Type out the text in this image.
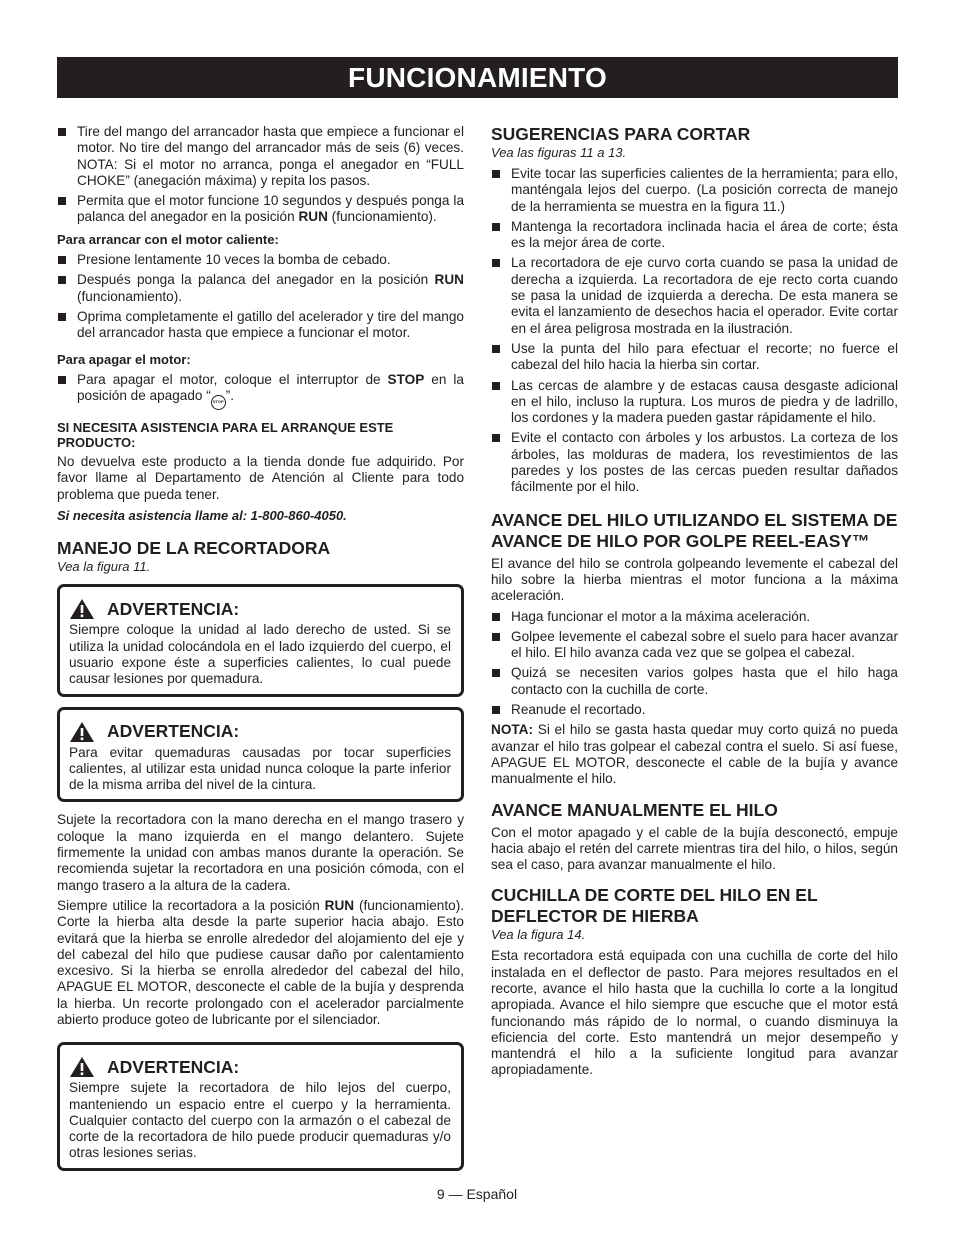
FUNCIONAMIENTO
Tire del mango del arrancador hasta que empiece a funcionar el motor. No tire del mango del arrancador más de seis (6) veces. NOTA: Si el motor no arranca, ponga el anegador en “FULL CHOKE” (anegación máxima) y repita los pasos.
Permita que el motor funcione 10 segundos y después ponga la palanca del anegador en la posición RUN (funcionamiento).
Para arrancar con el motor caliente:
Presione lentamente 10 veces la bomba de cebado.
Después ponga la palanca del anegador en la posición RUN (funcionamiento).
Oprima completamente el gatillo del acelerador y tire del mango del arrancador hasta que empiece a funcionar el motor.
Para apagar el motor:
Para apagar el motor, coloque el interruptor de STOP en la posición de apagado “ STOP ”.
SI NECESITA ASISTENCIA PARA EL ARRANQUE ESTE PRODUCTO:

No devuelva este producto a la tienda donde fue adquirido. Por favor llame al Departamento de Atención al Cliente para todo problema que pueda tener.

Si necesita asistencia llame al: 1-800-860-4050.
MANEJO DE LA RECORTADORA
Vea la figura 11.
ADVERTENCIA:

Siempre coloque la unidad al lado derecho de usted. Si se utiliza la unidad colocándola en el lado izquierdo del cuerpo, el usuario expone éste a superficies calientes, lo cual puede causar lesiones por quemadura.

ADVERTENCIA:

Para evitar quemaduras causadas por tocar superficies calientes, al utilizar esta unidad nunca coloque la parte inferior de la misma arriba del nivel de la cintura.

Sujete la recortadora con la mano derecha en el mango trasero y coloque la mano izquierda en el mango delantero. Sujete firmemente la unidad con ambas manos durante la operación. Se recomienda sujetar la recortadora en una posición cómoda, con el mango trasero a la altura de la cadera.

Siempre utilice la recortadora a la posición RUN (funcionamiento). Corte la hierba alta desde la parte superior hacia abajo. Esto evitará que la hierba se enrolle alrededor del alojamiento del eje y del cabezal del hilo que pudiese causar daño por calentamiento excesivo. Si la hierba se enrolla alrededor del cabezal del hilo, APAGUE EL MOTOR, desconecte el cable de la bujía y desprenda la hierba. Un recorte prolongado con el acelerador parcialmente abierto produce goteo de lubricante por el silenciador.

ADVERTENCIA:

Siempre sujete la recortadora de hilo lejos del cuerpo, manteniendo un espacio entre el cuerpo y la herramienta. Cualquier contacto del cuerpo con la armazón o el cabezal de corte de la recortadora de hilo puede producir quemaduras y/o otras lesiones serias.

SUGERENCIAS PARA CORTAR
Vea las figuras 11 a 13.
Evite tocar las superficies calientes de la herramienta; para ello, manténgala lejos del cuerpo. (La posición correcta de manejo de la herramienta se muestra en la figura 11.)
Mantenga la recortadora inclinada hacia el área de corte; ésta es la mejor área de corte.
La recortadora de eje curvo corta cuando se pasa la unidad de derecha a izquierda. La recortadora de eje recto corta cuando se pasa la unidad de izquierda a derecha. De esta manera se evita el lanzamiento de desechos hacia el operador. Evite cortar en el área peligrosa mostrada en la ilustración.
Use la punta del hilo para efectuar el recorte; no fuerce el cabezal del hilo hacia la hierba sin cortar.
Las cercas de alambre y de estacas causa desgaste adicional en el hilo, incluso la ruptura. Los muros de piedra y de ladrillo, los cordones y la madera pueden gastar rápidamente el hilo.
Evite el contacto con árboles y los arbustos. La corteza de los árboles, las molduras de madera, los revestimientos de las paredes y los postes de las cercas pueden resultar dañados fácilmente por el hilo.
AVANCE DEL HILO UTILIZANDO EL SISTEMA DE AVANCE DE HILO POR GOLPE REEL-EASY™

El avance del hilo se controla golpeando levemente el cabezal del hilo sobre la hierba mientras el motor funciona a la máxima aceleración.

Haga funcionar el motor a la máxima aceleración.
Golpee levemente el cabezal sobre el suelo para hacer avanzar el hilo. El hilo avanza cada vez que se golpea el cabezal.
Quizá se necesiten varios golpes hasta que el hilo haga contacto con la cuchilla de corte.
Reanude el recortado.

NOTA: Si el hilo se gasta hasta quedar muy corto quizá no pueda avanzar el hilo tras golpear el cabezal contra el suelo. Si así fuese, APAGUE EL MOTOR, desconecte el cable de la bujía y avance manualmente el hilo.

AVANCE MANUALMENTE EL HILO

Con el motor apagado y el cable de la bujía desconectó, empuje hacia abajo el retén del carrete mientras tira del hilo, o hilos, según sea el caso, para avanzar manualmente el hilo.

CUCHILLA DE CORTE DEL HILO EN EL DEFLECTOR DE HIERBA
Vea la figura 14.

Esta recortadora está equipada con una cuchilla de corte del hilo instalada en el deflector de pasto. Para mejores resultados en el recorte, avance el hilo hasta que la cuchilla lo corte a la longitud apropiada. Avance el hilo siempre que escuche que el motor está funcionando más rápido de lo normal, o cuando disminuya la eficiencia del corte. Esto mantendrá un mejor desempeño y mantendrá el hilo a la suficiente longitud para avanzar apropiadamente.

9 — Español
